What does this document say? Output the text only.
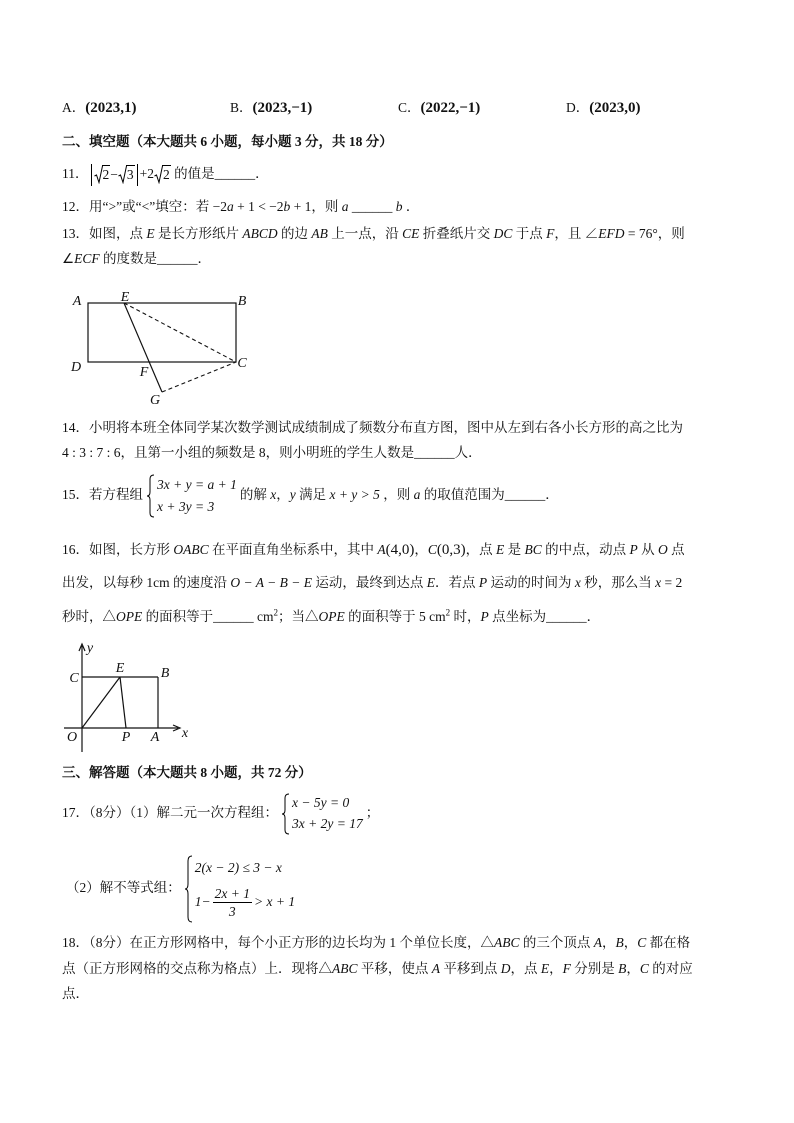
A．(2023,1)	B．(2023,−1)	C．(2022,−1)	D．(2023,0)
二、填空题（本大题共 6 小题，每小题 3 分，共 18 分）
11． 2 − 3 +2 2 的值是______．
12．用“>”或“<”填空：若 −2a + 1 < −2b + 1，则 a ______ b ．
13．如图，点 E 是长方形纸片 ABCD 的边 AB 上一点，沿 CE 折叠纸片交 DC 于点 F，且 ∠EFD = 76°，则
∠ECF 的度数是______．
A	E	B
D	F
C
G
14．小明将本班全体同学某次数学测试成绩制成了频数分布直方图，图中从左到右各小长方形的高之比为
4 : 3 : 7 : 6，且第一小组的频数是 8，则小明班的学生人数是______人．
15．若方程组
3x + y = a + 1
x + 3y = 3
的解 x，y 满足 x + y > 5 ，则 a 的取值范围为______．
16．如图，长方形 OABC 在平面直角坐标系中，其中 A(4,0)，C(0,3)，点 E 是 BC 的中点，动点 P 从 O 点
出发，以每秒 1cm 的速度沿 O − A − B − E 运动，最终到达点 E．若点 P 运动的时间为 x 秒，那么当 x = 2
秒时，△OPE 的面积等于______ $cm^2$；当△OPE 的面积等于 5 $cm^2$ 时，P 点坐标为______．
y
C
E	B
O	P A x
三、解答题（本大题共 8 小题，共 72 分）
17．（8分）（1）解二元一次方程组：
x − 5y = 0
3x + 2y = 17
；
（2）解不等式组：
2(x − 2) ≤ 3 − x
$1- \frac{2x + 1}{3} > x + 1$
18．（8分）在正方形网格中，每个小正方形的边长均为 1 个单位长度，△ABC 的三个顶点 A，B，C 都在格
点（正方形网格的交点称为格点）上．现将△ABC 平移，使点 A 平移到点 D，点 E，F 分别是 B，C 的对应
点．
